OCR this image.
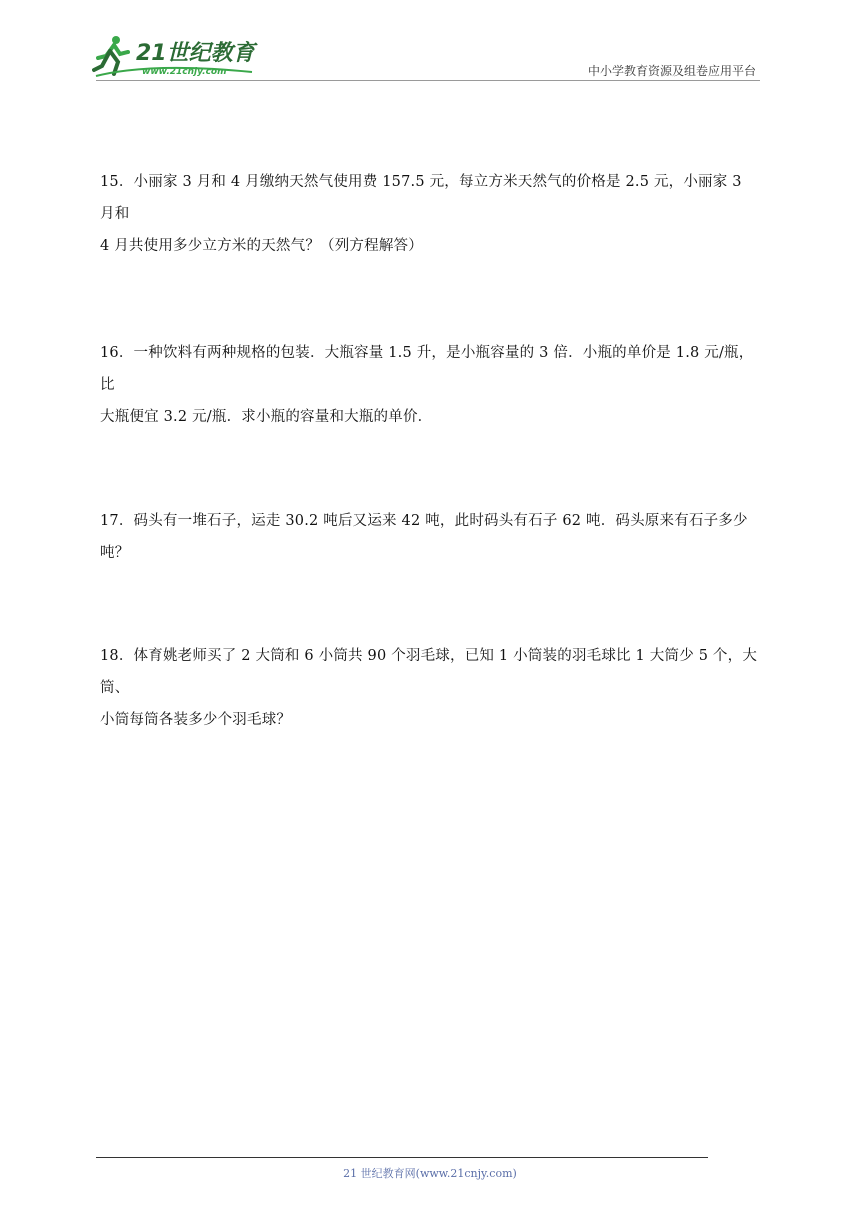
21世纪教育
www.21cnjy.com	中小学教育资源及组卷应用平台
15．小丽家 3 月和 4 月缴纳天然气使用费 157.5 元，每立方米天然气的价格是 2.5 元，小丽家 3 月和
4 月共使用多少立方米的天然气？（列方程解答）
16．一种饮料有两种规格的包装．大瓶容量 1.5 升，是小瓶容量的 3 倍．小瓶的单价是 1.8 元/瓶，比
大瓶便宜 3.2 元/瓶．求小瓶的容量和大瓶的单价．
17．码头有一堆石子，运走 30.2 吨后又运来 42 吨，此时码头有石子 62 吨．码头原来有石子多少吨？
18．体育姚老师买了 2 大筒和 6 小筒共 90 个羽毛球，已知 1 小筒装的羽毛球比 1 大筒少 5 个，大筒、
小筒每筒各装多少个羽毛球？
21 世纪教育网(www.21cnjy.com)
